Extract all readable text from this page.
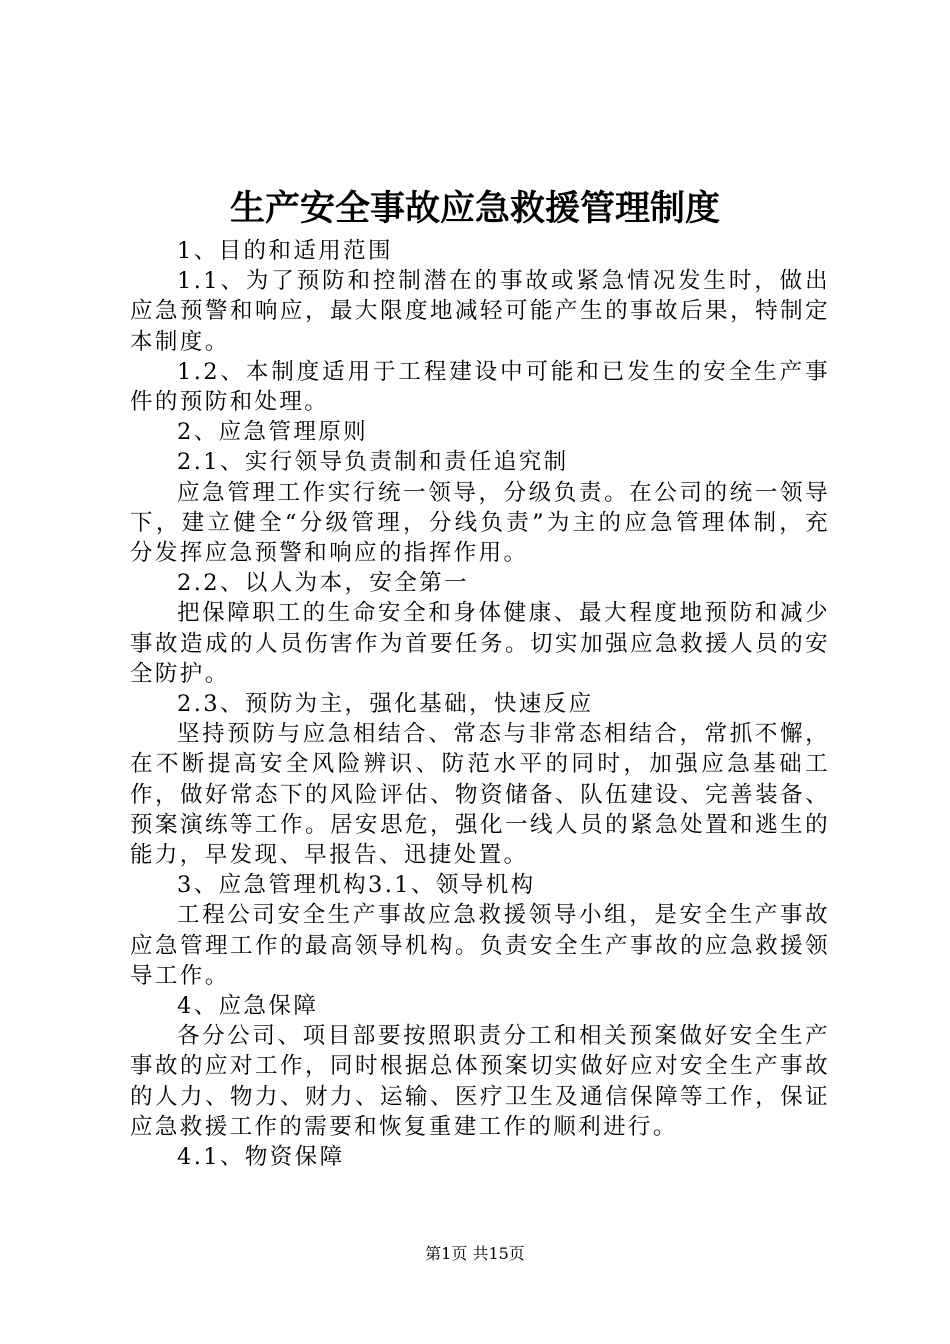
生产安全事故应急救援管理制度

1、目的和适用范围

1.1、为了预防和控制潜在的事故或紧急情况发生时，做出应急预警和响应，最大限度地减轻可能产生的事故后果，特制定本制度。

1.2、本制度适用于工程建设中可能和已发生的安全生产事件的预防和处理。

2、应急管理原则

2.1、实行领导负责制和责任追究制

应急管理工作实行统一领导，分级负责。在公司的统一领导下，建立健全“分级管理，分线负责”为主的应急管理体制，充分发挥应急预警和响应的指挥作用。

2.2、以人为本，安全第一

把保障职工的生命安全和身体健康、最大程度地预防和减少事故造成的人员伤害作为首要任务。切实加强应急救援人员的安全防护。

2.3、预防为主，强化基础，快速反应

坚持预防与应急相结合、常态与非常态相结合，常抓不懈，在不断提高安全风险辨识、防范水平的同时，加强应急基础工作，做好常态下的风险评估、物资储备、队伍建设、完善装备、预案演练等工作。居安思危，强化一线人员的紧急处置和逃生的能力，早发现、早报告、迅捷处置。

3、应急管理机构3.1、领导机构

工程公司安全生产事故应急救援领导小组，是安全生产事故应急管理工作的最高领导机构。负责安全生产事故的应急救援领导工作。

4、应急保障

各分公司、项目部要按照职责分工和相关预案做好安全生产事故的应对工作，同时根据总体预案切实做好应对安全生产事故的人力、物力、财力、运输、医疗卫生及通信保障等工作，保证应急救援工作的需要和恢复重建工作的顺利进行。

4.1、物资保障

第1页 共15页
